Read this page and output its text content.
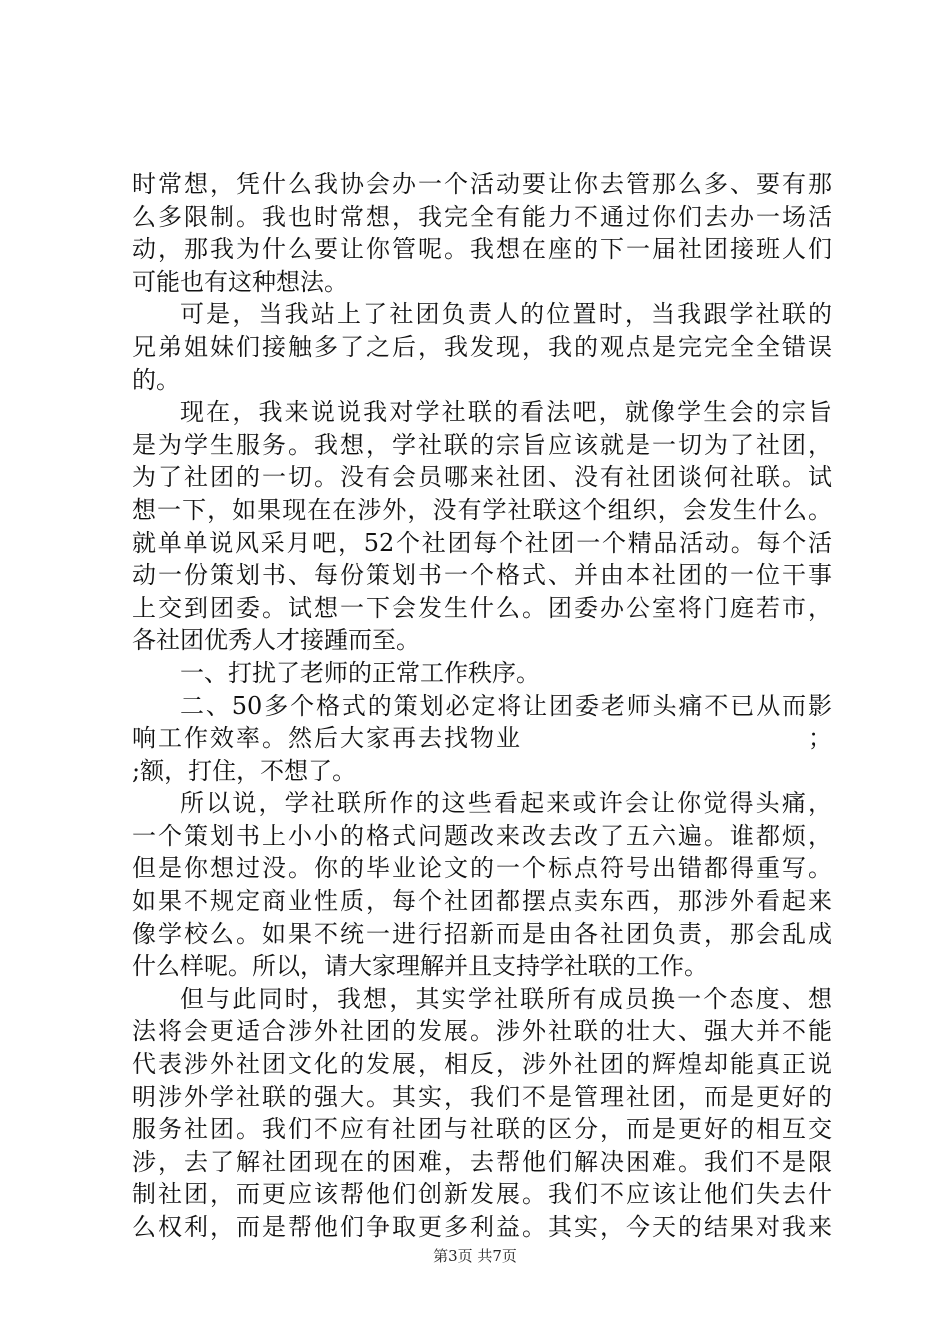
时常想，凭什么我协会办一个活动要让你去管那么多、要有那
么多限制。我也时常想，我完全有能力不通过你们去办一场活
动，那我为什么要让你管呢。我想在座的下一届社团接班人们
可能也有这种想法。
可是，当我站上了社团负责人的位置时，当我跟学社联的
兄弟姐妹们接触多了之后，我发现，我的观点是完完全全错误
的。
现在，我来说说我对学社联的看法吧，就像学生会的宗旨
是为学生服务。我想，学社联的宗旨应该就是一切为了社团，
为了社团的一切。没有会员哪来社团、没有社团谈何社联。试
想一下，如果现在在涉外，没有学社联这个组织，会发生什么。
就单单说风采月吧，52个社团每个社团一个精品活动。每个活
动一份策划书、每份策划书一个格式、并由本社团的一位干事
上交到团委。试想一下会发生什么。团委办公室将门庭若市，
各社团优秀人才接踵而至。
一、打扰了老师的正常工作秩序。
二、50多个格式的策划必定将让团委老师头痛不已从而影
响工作效率。然后大家再去找物业　　　　　　　　　　　；
;额，打住，不想了。
所以说，学社联所作的这些看起来或许会让你觉得头痛，
一个策划书上小小的格式问题改来改去改了五六遍。谁都烦，
但是你想过没。你的毕业论文的一个标点符号出错都得重写。
如果不规定商业性质，每个社团都摆点卖东西，那涉外看起来
像学校么。如果不统一进行招新而是由各社团负责，那会乱成
什么样呢。所以，请大家理解并且支持学社联的工作。
但与此同时，我想，其实学社联所有成员换一个态度、想
法将会更适合涉外社团的发展。涉外社联的壮大、强大并不能
代表涉外社团文化的发展，相反，涉外社团的辉煌却能真正说
明涉外学社联的强大。其实，我们不是管理社团，而是更好的
服务社团。我们不应有社团与社联的区分，而是更好的相互交
涉，去了解社团现在的困难，去帮他们解决困难。我们不是限
制社团，而更应该帮他们创新发展。我们不应该让他们失去什
么权利，而是帮他们争取更多利益。其实，今天的结果对我来
第3页 共7页
